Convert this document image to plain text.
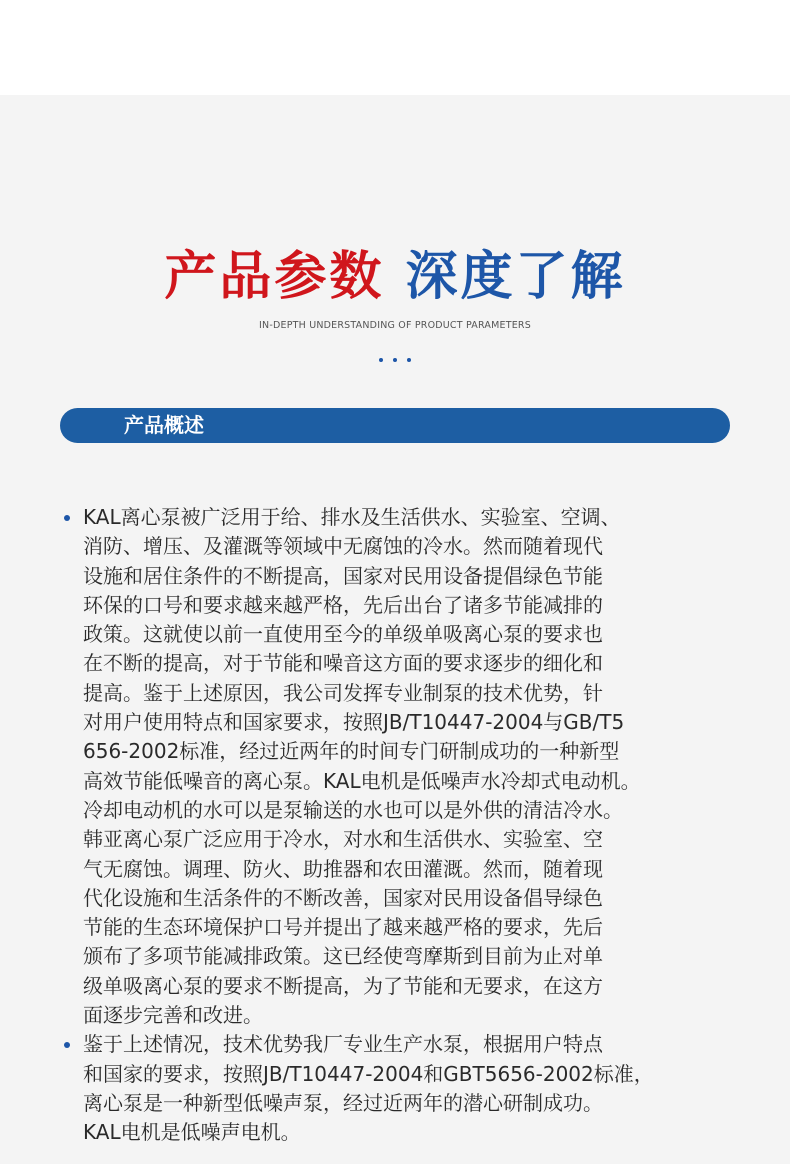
产品参数 深度了解
IN-DEPTH UNDERSTANDING OF PRODUCT PARAMETERS
产品概述
KAL离心泵被广泛用于给、排水及生活供水、实验室、空调、
消防、增压、及灌溉等领域中无腐蚀的冷水。然而随着现代
设施和居住条件的不断提高，国家对民用设备提倡绿色节能
环保的口号和要求越来越严格，先后出台了诸多节能减排的
政策。这就使以前一直使用至今的单级单吸离心泵的要求也
在不断的提高，对于节能和噪音这方面的要求逐步的细化和
提高。鉴于上述原因，我公司发挥专业制泵的技术优势，针
对用户使用特点和国家要求，按照JB/T10447-2004与GB/T5
656-2002标准，经过近两年的时间专门研制成功的一种新型
高效节能低噪音的离心泵。KAL电机是低噪声水冷却式电动机。
冷却电动机的水可以是泵输送的水也可以是外供的清洁冷水。
韩亚离心泵广泛应用于冷水，对水和生活供水、实验室、空
气无腐蚀。调理、防火、助推器和农田灌溉。然而，随着现
代化设施和生活条件的不断改善，国家对民用设备倡导绿色
节能的生态环境保护口号并提出了越来越严格的要求，先后
颁布了多项节能减排政策。这已经使弯摩斯到目前为止对单
级单吸离心泵的要求不断提高，为了节能和无要求，在这方
面逐步完善和改进。
鉴于上述情况，技术优势我厂专业生产水泵，根据用户特点
和国家的要求，按照JB/T10447-2004和GBT5656-2002标准，
离心泵是一种新型低噪声泵，经过近两年的潜心研制成功。
KAL电机是低噪声电机。
